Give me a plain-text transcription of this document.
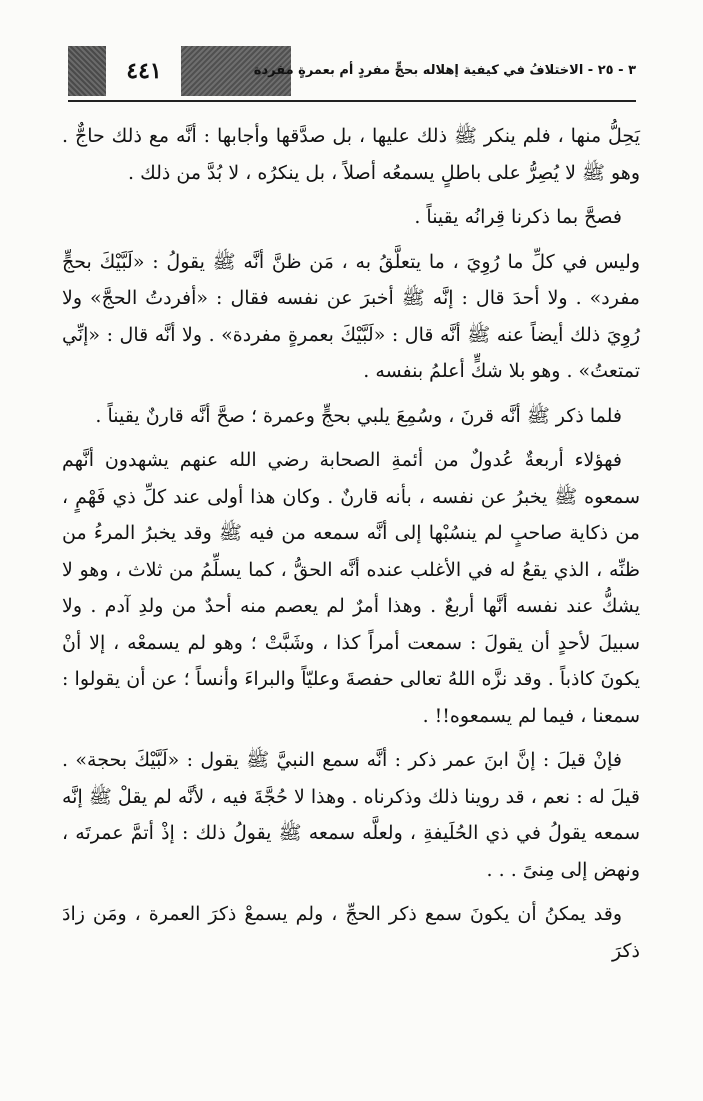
٤٤١	٣ - ٢٥ - الاختلافُ في كيفية إهلاله بحجٍّ مفردٍ أم بعمرةٍ مفردة

يَحِلُّ منها ، فلم ينكر ﷺ ذلك عليها ، بل صدَّقها وأجابها : أنَّه مع ذلك حاجٌّ . وهو ﷺ لا يُصِرُّ على باطلٍ يسمعُه أصلاً ، بل ينكرُه ، لا بُدَّ من ذلك .

فصحَّ بما ذكرنا قِرانُه يقيناً .

وليس في كلِّ ما رُوِيَ ، ما يتعلَّقُ به ، مَن ظنَّ أنَّه ﷺ يقولُ : «لَبَّيْكَ بحجٍّ مفرد» . ولا أحدَ قال : إنَّه ﷺ أخبرَ عن نفسه فقال : «أفردتُ الحجَّ» ولا رُوِيَ ذلك أيضاً عنه ﷺ أنَّه قال : «لَبَّيْكَ بعمرةٍ مفردة» . ولا أنَّه قال : «إنِّي تمتعتُ» . وهو بلا شكٍّ أعلمُ بنفسه .

فلما ذكر ﷺ أنَّه قرنَ ، وسُمِعَ يلبي بحجٍّ وعمرة ؛ صحَّ أنَّه قارنٌ يقيناً .

فهؤلاء أربعةٌ عُدولٌ من أئمةِ الصحابة رضي الله عنهم يشهدون أنَّهم سمعوه ﷺ يخبرُ عن نفسه ، بأنه قارنٌ . وكان هذا أولى عند كلِّ ذي فَهْمٍ ، من ذكاية صاحبٍ لم ينسُبْها إلى أنَّه سمعه من فيه ﷺ وقد يخبرُ المرءُ من ظنِّه ، الذي يقعُ له في الأغلب عنده أنَّه الحقُّ ، كما يسلِّمُ من ثلاث ، وهو لا يشكُّ عند نفسه أنَّها أربعٌ . وهذا أمرٌ لم يعصم منه أحدٌ من ولدِ آدم . ولا سبيلَ لأحدٍ أن يقولَ : سمعت أمراً كذا ، وشَبَّتْ ؛ وهو لم يسمعْه ، إلا أنْ يكونَ كاذباً . وقد نزَّه اللهُ تعالى حفصةَ وعليّاً والبراءَ وأنساً ؛ عن أن يقولوا : سمعنا ، فيما لم يسمعوه!! .

فإنْ قيلَ : إنَّ ابنَ عمر ذكر : أنَّه سمع النبيَّ ﷺ يقول : «لَبَّيْكَ بحجة» . قيلَ له : نعم ، قد روينا ذلك وذكرناه . وهذا لا حُجَّةَ فيه ، لأنَّه لم يقلْ ﷺ إنَّه سمعه يقولُ في ذي الحُلَيفةِ ، ولعلَّه سمعه ﷺ يقولُ ذلك : إذْ أتمَّ عمرتَه ، ونهض إلى مِنىً . . .

وقد يمكنُ أن يكونَ سمع ذكر الحجِّ ، ولم يسمعْ ذكرَ العمرة ، ومَن زادَ ذكرَ
